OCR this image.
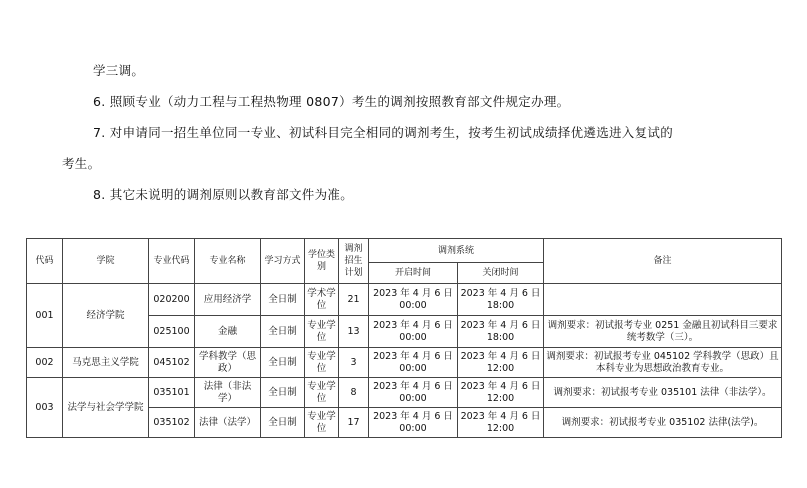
学三调。
6. 照顾专业（动力工程与工程热物理 0807）考生的调剂按照教育部文件规定办理。
7. 对申请同一招生单位同一专业、初试科目完全相同的调剂考生，按考生初试成绩择优遴选进入复试的
考生。
8. 其它未说明的调剂原则以教育部文件为准。
代码	学院	专业代码	专业名称	学习方式	学位类别	调剂招生计划	调剂系统		备注
							开启时间	关闭时间	
001	经济学院	020200	应用经济学	全日制	学术学位	21	2023 年 4 月 6 日 00:00	2023 年 4 月 6 日 18:00	
		025100	金融	全日制	专业学位	13	2023 年 4 月 6 日 00:00	2023 年 4 月 6 日 18:00	调剂要求：初试报考专业 0251 金融且初试科目三要求统考数学（三）。
002	马克思主义学院	045102	学科教学（思政）	全日制	专业学位	3	2023 年 4 月 6 日 00:00	2023 年 4 月 6 日 12:00	调剂要求：初试报考专业 045102 学科教学（思政）且本科专业为思想政治教育专业。
003	法学与社会学学院	035101	法律（非法学）	全日制	专业学位	8	2023 年 4 月 6 日 00:00	2023 年 4 月 6 日 12:00	调剂要求：初试报考专业 035101 法律（非法学）。
		035102	法律（法学）	全日制	专业学位	17	2023 年 4 月 6 日 00:00	2023 年 4 月 6 日 12:00	调剂要求：初试报考专业 035102 法律(法学)。
